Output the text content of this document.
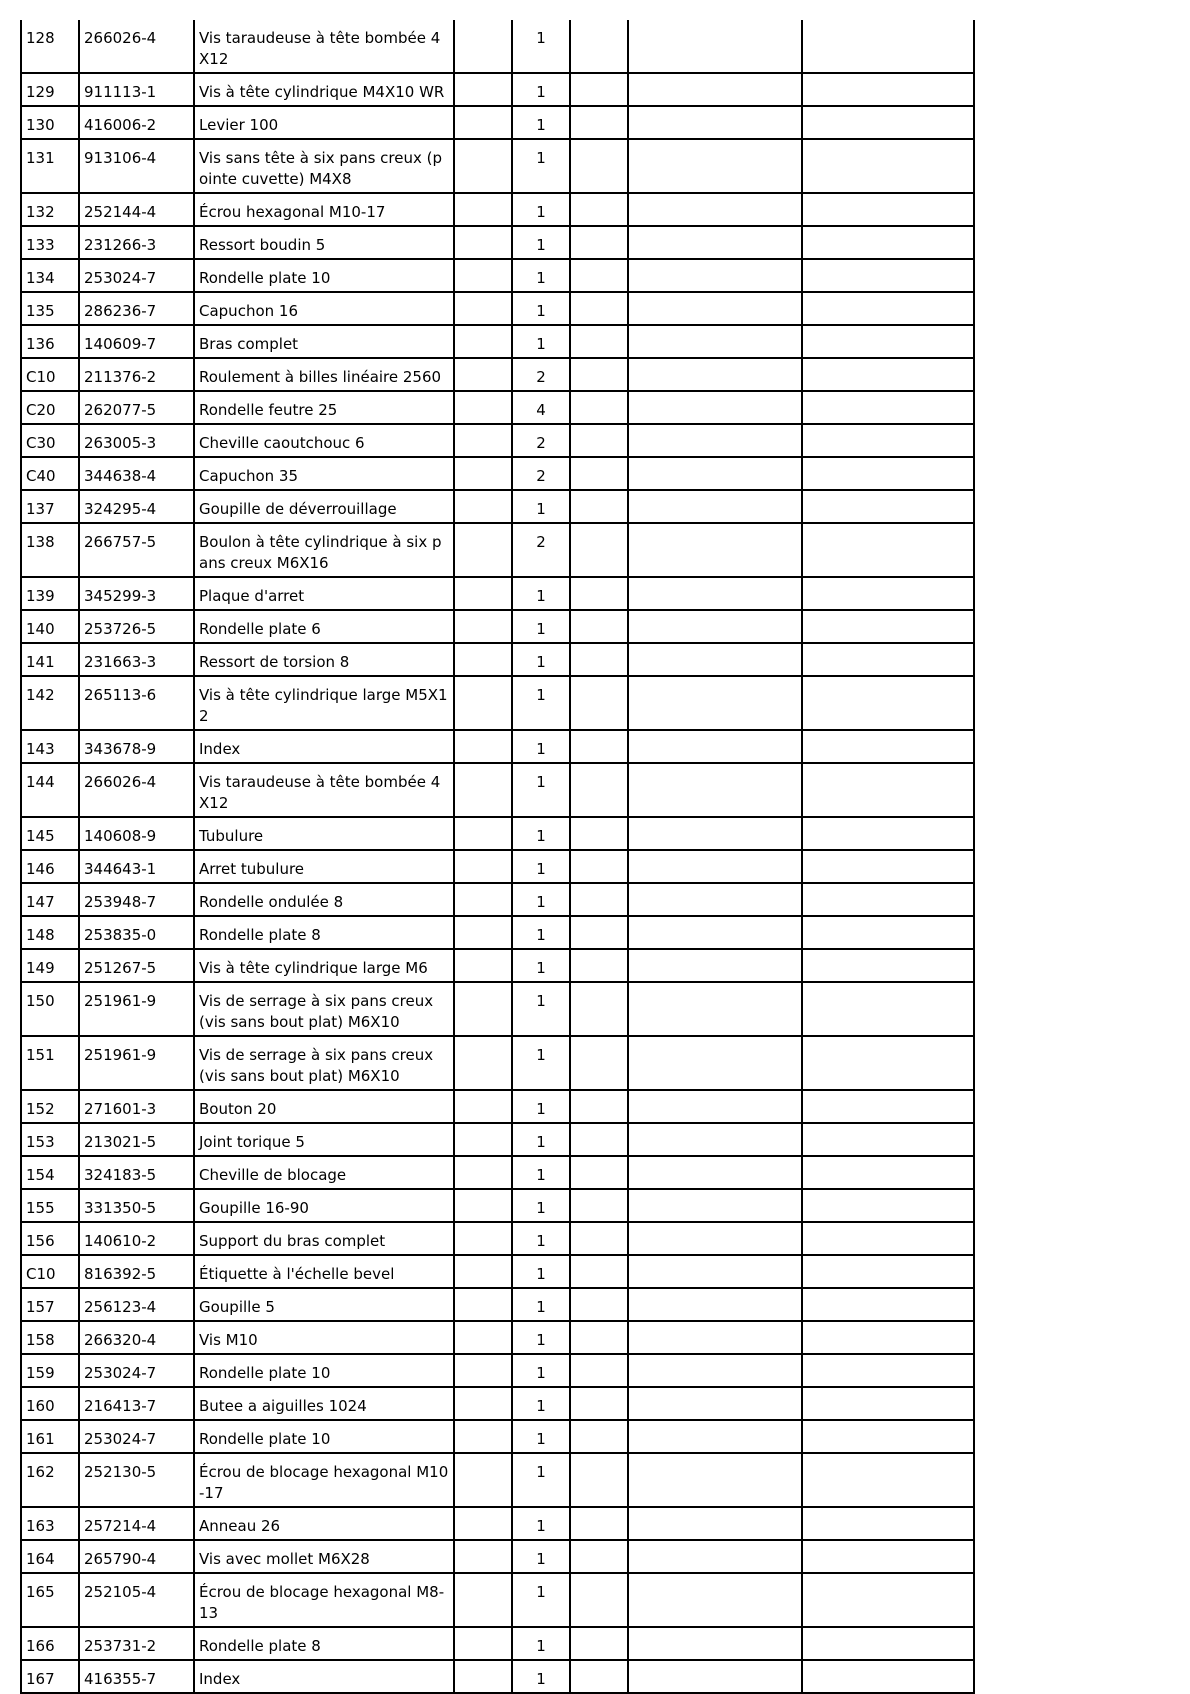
128	266026-4	Vis taraudeuse à tête bombée 4X12		1			
129	911113-1	Vis à tête cylindrique M4X10 WR		1			
130	416006-2	Levier 100		1			
131	913106-4	Vis sans tête à six pans creux (pointe cuvette) M4X8		1			
132	252144-4	Écrou hexagonal M10-17		1			
133	231266-3	Ressort boudin 5		1			
134	253024-7	Rondelle plate 10		1			
135	286236-7	Capuchon 16		1			
136	140609-7	Bras complet		1			
C10	211376-2	Roulement à billes linéaire 2560		2			
C20	262077-5	Rondelle feutre 25		4			
C30	263005-3	Cheville caoutchouc 6		2			
C40	344638-4	Capuchon 35		2			
137	324295-4	Goupille de déverrouillage		1			
138	266757-5	Boulon à tête cylindrique à six pans creux M6X16		2			
139	345299-3	Plaque d'arret		1			
140	253726-5	Rondelle plate 6		1			
141	231663-3	Ressort de torsion 8		1			
142	265113-6	Vis à tête cylindrique large M5X12		1			
143	343678-9	Index		1			
144	266026-4	Vis taraudeuse à tête bombée 4X12		1			
145	140608-9	Tubulure		1			
146	344643-1	Arret tubulure		1			
147	253948-7	Rondelle ondulée 8		1			
148	253835-0	Rondelle plate 8		1			
149	251267-5	Vis à tête cylindrique large M6		1			
150	251961-9	Vis de serrage à six pans creux (vis sans bout plat) M6X10		1			
151	251961-9	Vis de serrage à six pans creux (vis sans bout plat) M6X10		1			
152	271601-3	Bouton 20		1			
153	213021-5	Joint torique 5		1			
154	324183-5	Cheville de blocage		1			
155	331350-5	Goupille 16-90		1			
156	140610-2	Support du bras complet		1			
C10	816392-5	Étiquette à l'échelle bevel		1			
157	256123-4	Goupille 5		1			
158	266320-4	Vis M10		1			
159	253024-7	Rondelle plate 10		1			
160	216413-7	Butee a aiguilles 1024		1			
161	253024-7	Rondelle plate 10		1			
162	252130-5	Écrou de blocage hexagonal M10-17		1			
163	257214-4	Anneau 26		1			
164	265790-4	Vis avec mollet M6X28		1			
165	252105-4	Écrou de blocage hexagonal M8-13		1			
166	253731-2	Rondelle plate 8		1			
167	416355-7	Index		1			
